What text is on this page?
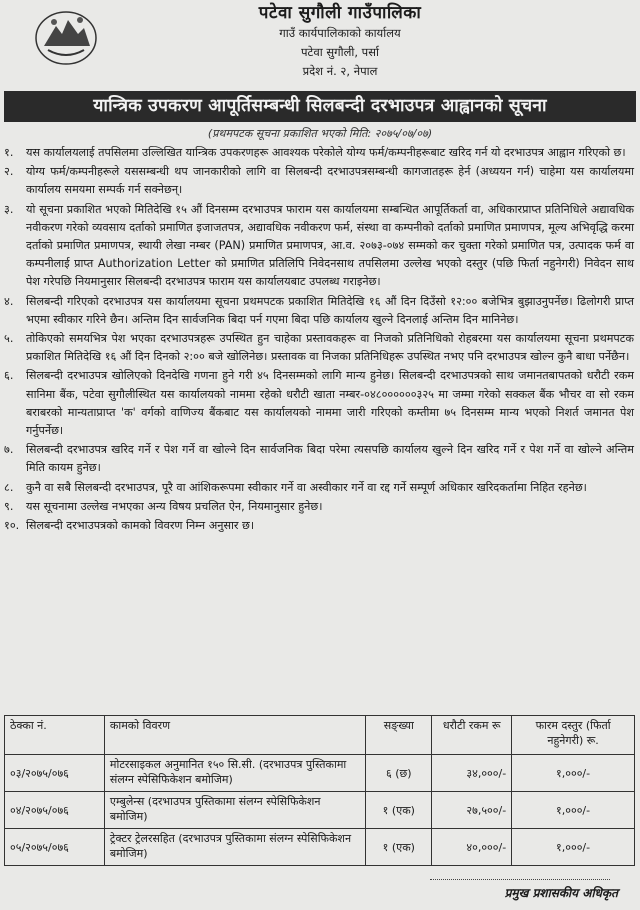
पटेवा सुगौली गाउँपालिका
गाउँ कार्यपालिकाको कार्यालय
पटेवा सुगौली, पर्सा
प्रदेश नं. २, नेपाल
यान्त्रिक उपकरण आपूर्तिसम्बन्धी सिलबन्दी दरभाउपत्र आह्वानको सूचना
(प्रथमपटक सूचना प्रकाशित भएको मिति: २०७५/०७/०७)
१.	यस कार्यालयलाई तपसिलमा उल्लिखित यान्त्रिक उपकरणहरू आवश्यक परेकोले योग्य फर्म/कम्पनीहरूबाट खरिद गर्न यो दरभाउपत्र आह्वान गरिएको छ।
२.	योग्य फर्म/कम्पनीहरूले यससम्बन्धी थप जानकारीको लागि वा सिलबन्दी दरभाउपत्रसम्बन्धी कागजातहरू हेर्न (अध्ययन गर्न) चाहेमा यस कार्यालयमा कार्यालय समयमा सम्पर्क गर्न सक्नेछन्।
३.	यो सूचना प्रकाशित भएको मितिदेखि १५ औं दिनसम्म दरभाउपत्र फाराम यस कार्यालयमा सम्बन्धित आपूर्तिकर्ता वा, अधिकारप्राप्त प्रतिनिधिले अद्यावधिक नवीकरण गरेको व्यवसाय दर्ताको प्रमाणित इजाजतपत्र, अद्यावधिक नवीकरण फर्म, संस्था वा कम्पनीको दर्ताको प्रमाणित प्रमाणपत्र, मूल्य अभिवृद्धि करमा दर्ताको प्रमाणित प्रमाणपत्र, स्थायी लेखा नम्बर (PAN) प्रमाणित प्रमाणपत्र, आ.व. २०७३-०७४ सम्मको कर चुक्ता गरेको प्रमाणित पत्र, उत्पादक फर्म वा कम्पनीलाई प्राप्त Authorization Letter को प्रमाणित प्रतिलिपि निवेदनसाथ तपसिलमा उल्लेख भएको दस्तुर (पछि फिर्ता नहुनेगरी) निवेदन साथ पेश गरेपछि नियमानुसार सिलबन्दी दरभाउपत्र फाराम यस कार्यालयबाट उपलब्ध गराइनेछ।
४.	सिलबन्दी गरिएको दरभाउपत्र यस कार्यालयमा सूचना प्रथमपटक प्रकाशित मितिदेखि १६ औं दिन दिउँसो १२:०० बजेभित्र बुझाउनुपर्नेछ। ढिलोगरी प्राप्त भएमा स्वीकार गरिने छैन। अन्तिम दिन सार्वजनिक बिदा पर्न गएमा बिदा पछि कार्यालय खुल्ने दिनलाई अन्तिम दिन मानिनेछ।
५.	तोकिएको समयभित्र पेश भएका दरभाउपत्रहरू उपस्थित हुन चाहेका प्रस्तावकहरू वा निजको प्रतिनिधिको रोहबरमा यस कार्यालयमा सूचना प्रथमपटक प्रकाशित मितिदेखि १६ औं दिन दिनको २:०० बजे खोलिनेछ। प्रस्तावक वा निजका प्रतिनिधिहरू उपस्थित नभए पनि दरभाउपत्र खोल्न कुनै बाधा पर्नेछैन।
६.	सिलबन्दी दरभाउपत्र खोलिएको दिनदेखि गणना हुने गरी ४५ दिनसम्मको लागि मान्य हुनेछ। सिलबन्दी दरभाउपत्रको साथ जमानतबापतको धरौटी रकम सानिमा बैंक, पटेवा सुगौलीस्थित यस कार्यालयको नाममा रहेको धरौटी खाता नम्बर-०४८००००००३२५ मा जम्मा गरेको सक्कल बैंक भौचर वा सो रकम बराबरको मान्यताप्राप्त 'क' वर्गको वाणिज्य बैंकबाट यस कार्यालयको नाममा जारी गरिएको कम्तीमा ७५ दिनसम्म मान्य भएको निशर्त जमानत पेश गर्नुपर्नेछ।
७.	सिलबन्दी दरभाउपत्र खरिद गर्ने र पेश गर्ने वा खोल्ने दिन सार्वजनिक बिदा परेमा त्यसपछि कार्यालय खुल्ने दिन खरिद गर्ने र पेश गर्ने वा खोल्ने अन्तिम मिति कायम हुनेछ।
८.	कुनै वा सबै सिलबन्दी दरभाउपत्र, पूरै वा आंशिकरूपमा स्वीकार गर्ने वा अस्वीकार गर्ने वा रद्द गर्ने सम्पूर्ण अधिकार खरिदकर्तामा निहित रहनेछ।
९.	यस सूचनामा उल्लेख नभएका अन्य विषय प्रचलित ऐन, नियमानुसार हुनेछ।
१०. सिलबन्दी दरभाउपत्रको कामको विवरण निम्न अनुसार छ।
ठेक्का नं.	कामको विवरण	सङ्ख्या	धरौटी रकम रू	फारम दस्तुर (फिर्ता नहुनेगरी) रू.
०३/२०७५/०७६	मोटरसाइकल अनुमानित १५० सि.सी. (दरभाउपत्र पुस्तिकामा संलग्न स्पेसिफिकेशन बमोजिम)	६ (छ)	३४,०००/-	१,०००/-
०४/२०७५/०७६	एम्बुलेन्स (दरभाउपत्र पुस्तिकामा संलग्न स्पेसिफिकेशन बमोजिम)	१ (एक)	२७,५००/-	१,०००/-
०५/२०७५/०७६	ट्रेक्टर ट्रेलरसहित (दरभाउपत्र पुस्तिकामा संलग्न स्पेसिफिकेशन बमोजिम)	१ (एक)	४०,०००/-	१,०००/-
प्रमुख प्रशासकीय अधिकृत
